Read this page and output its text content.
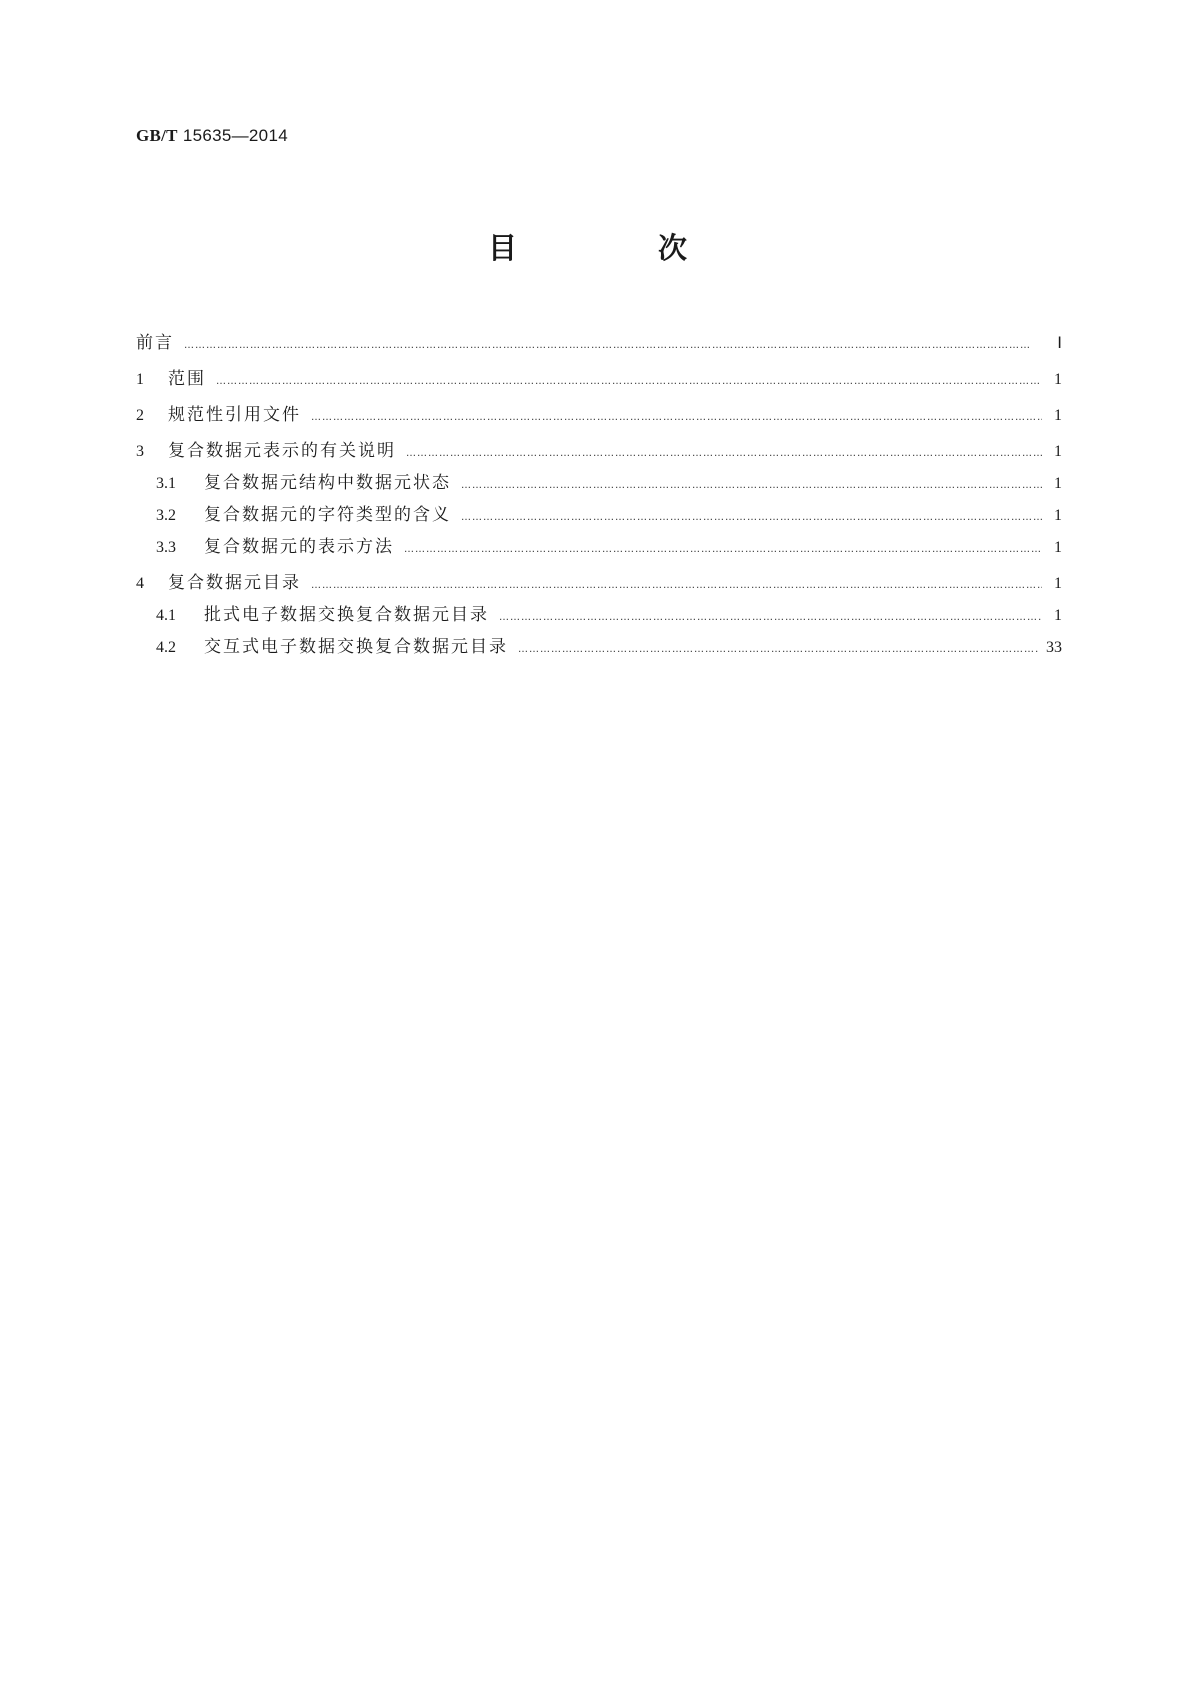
GB/T 15635—2014
目　次
前言 ……………………………………………………………………………………………………………………………………………………………………………………………………………	Ⅰ
1	范围 ……………………………………………………………………………………………………………………………………………………………………………………………………………	1
2	规范性引用文件 ……………………………………………………………………………………………………………………………………………………………………………………………………………	1
3	复合数据元表示的有关说明 ……………………………………………………………………………………………………………………………………………………………………………………………………………	1
3.1	复合数据元结构中数据元状态 ……………………………………………………………………………………………………………………………………………………………………………………………………………	1
3.2	复合数据元的字符类型的含义 ……………………………………………………………………………………………………………………………………………………………………………………………………………	1
3.3	复合数据元的表示方法 ……………………………………………………………………………………………………………………………………………………………………………………………………………	1
4	复合数据元目录 ……………………………………………………………………………………………………………………………………………………………………………………………………………	1
4.1	批式电子数据交换复合数据元目录 ……………………………………………………………………………………………………………………………………………………………………………………………………………	1
4.2	交互式电子数据交换复合数据元目录 ……………………………………………………………………………………………………………………………………………………………………………………………………………	33
